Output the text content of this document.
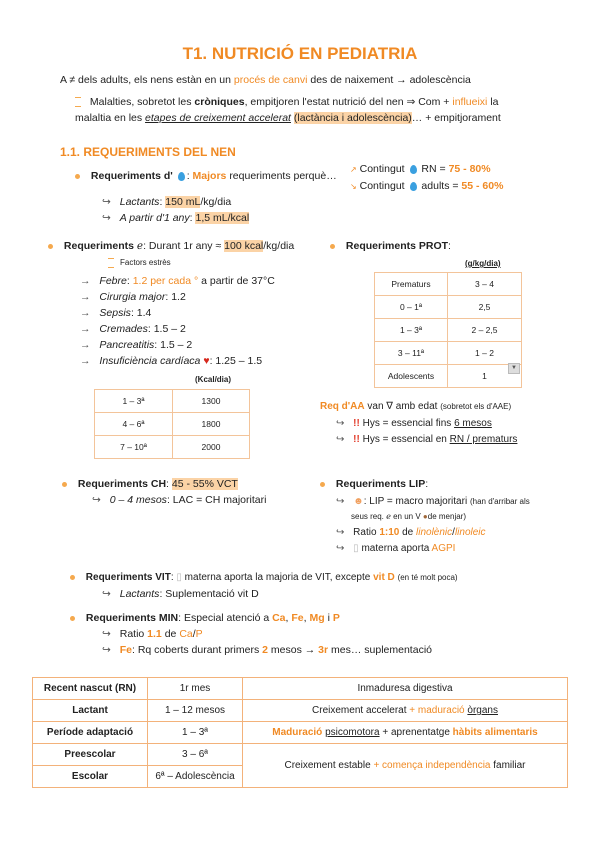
T1. NUTRICIÓ EN PEDIATRIA
A ≠ dels adults, els nens estàn en un procés de canvi des de naixement → adolescència
Malalties, sobretot les cròniques, empitjoren l'estat nutrició del nen ⇒ Com + influeixi la
malaltia en les etapes de creixement accelerat (lactància i adolescència)… + empitjorament
1.1. REQUERIMENTS DEL NEN
Requeriments d' : Majors requeriments perquè…
↗ Contingut RN = 75 - 80%
↘ Contingut adults = 55 - 60%
↪ Lactants: 150 mL/kg/dia
↪ A partir d'1 any: 1,5 mL/kcal
Requeriments ℯ: Durant 1r any ≈ 100 kcal/kg/dia
Factors estrès
→ Febre: 1.2 per cada ° a partir de 37°C
→ Cirurgia major: 1.2
→ Sepsis: 1.4
→ Cremades: 1.5 – 2
→ Pancreatitis: 1.5 – 2
→ Insuficiència cardíaca ♥: 1.25 – 1.5
(Kcal/dia)
1 – 3ª	1300
4 – 6ª	1800
7 – 10ª	2000
Requeriments PROT:
(g/kg/dia)
Prematurs	3 – 4
0 – 1ª	2,5
1 – 3ª	2 – 2,5
3 – 11ª	1 – 2
Adolescents	1
▼
Req d'AA van ∇ amb edat (sobretot els d'AAE)
↪ !! Hys = essencial fins 6 mesos
↪ !! Hys = essencial en RN / prematurs
Requeriments CH: 45 - 55% VCT
↪ 0 – 4 mesos: LAC = CH majoritari
Requeriments LIP:
↪ ☻: LIP = macro majoritari (han d'arribar als
seus req. ℯ en un V ●de menjar)
↪ Ratio 1:10 de linolènic/linoleic
↪ ▯ materna aporta AGPI
Requeriments VIT: ▯ materna aporta la majoria de VIT, excepte vit D (en té molt poca)
↪ Lactants: Suplementació vit D
Requeriments MIN: Especial atenció a Ca, Fe, Mg i P
↪ Ratio 1.1 de Ca/P
↪ Fe: Rq coberts durant primers 2 mesos → 3r mes… suplementació
Recent nascut (RN)	1r mes	Inmaduresa digestiva
Lactant	1 – 12 mesos	Creixement accelerat + maduració òrgans
Període adaptació	1 – 3ª	Maduració psicomotora + aprenentatge hàbits alimentaris
Preescolar	3 – 6ª	Creixement estable + comença independència familiar
Escolar	6ª – Adolescència	
